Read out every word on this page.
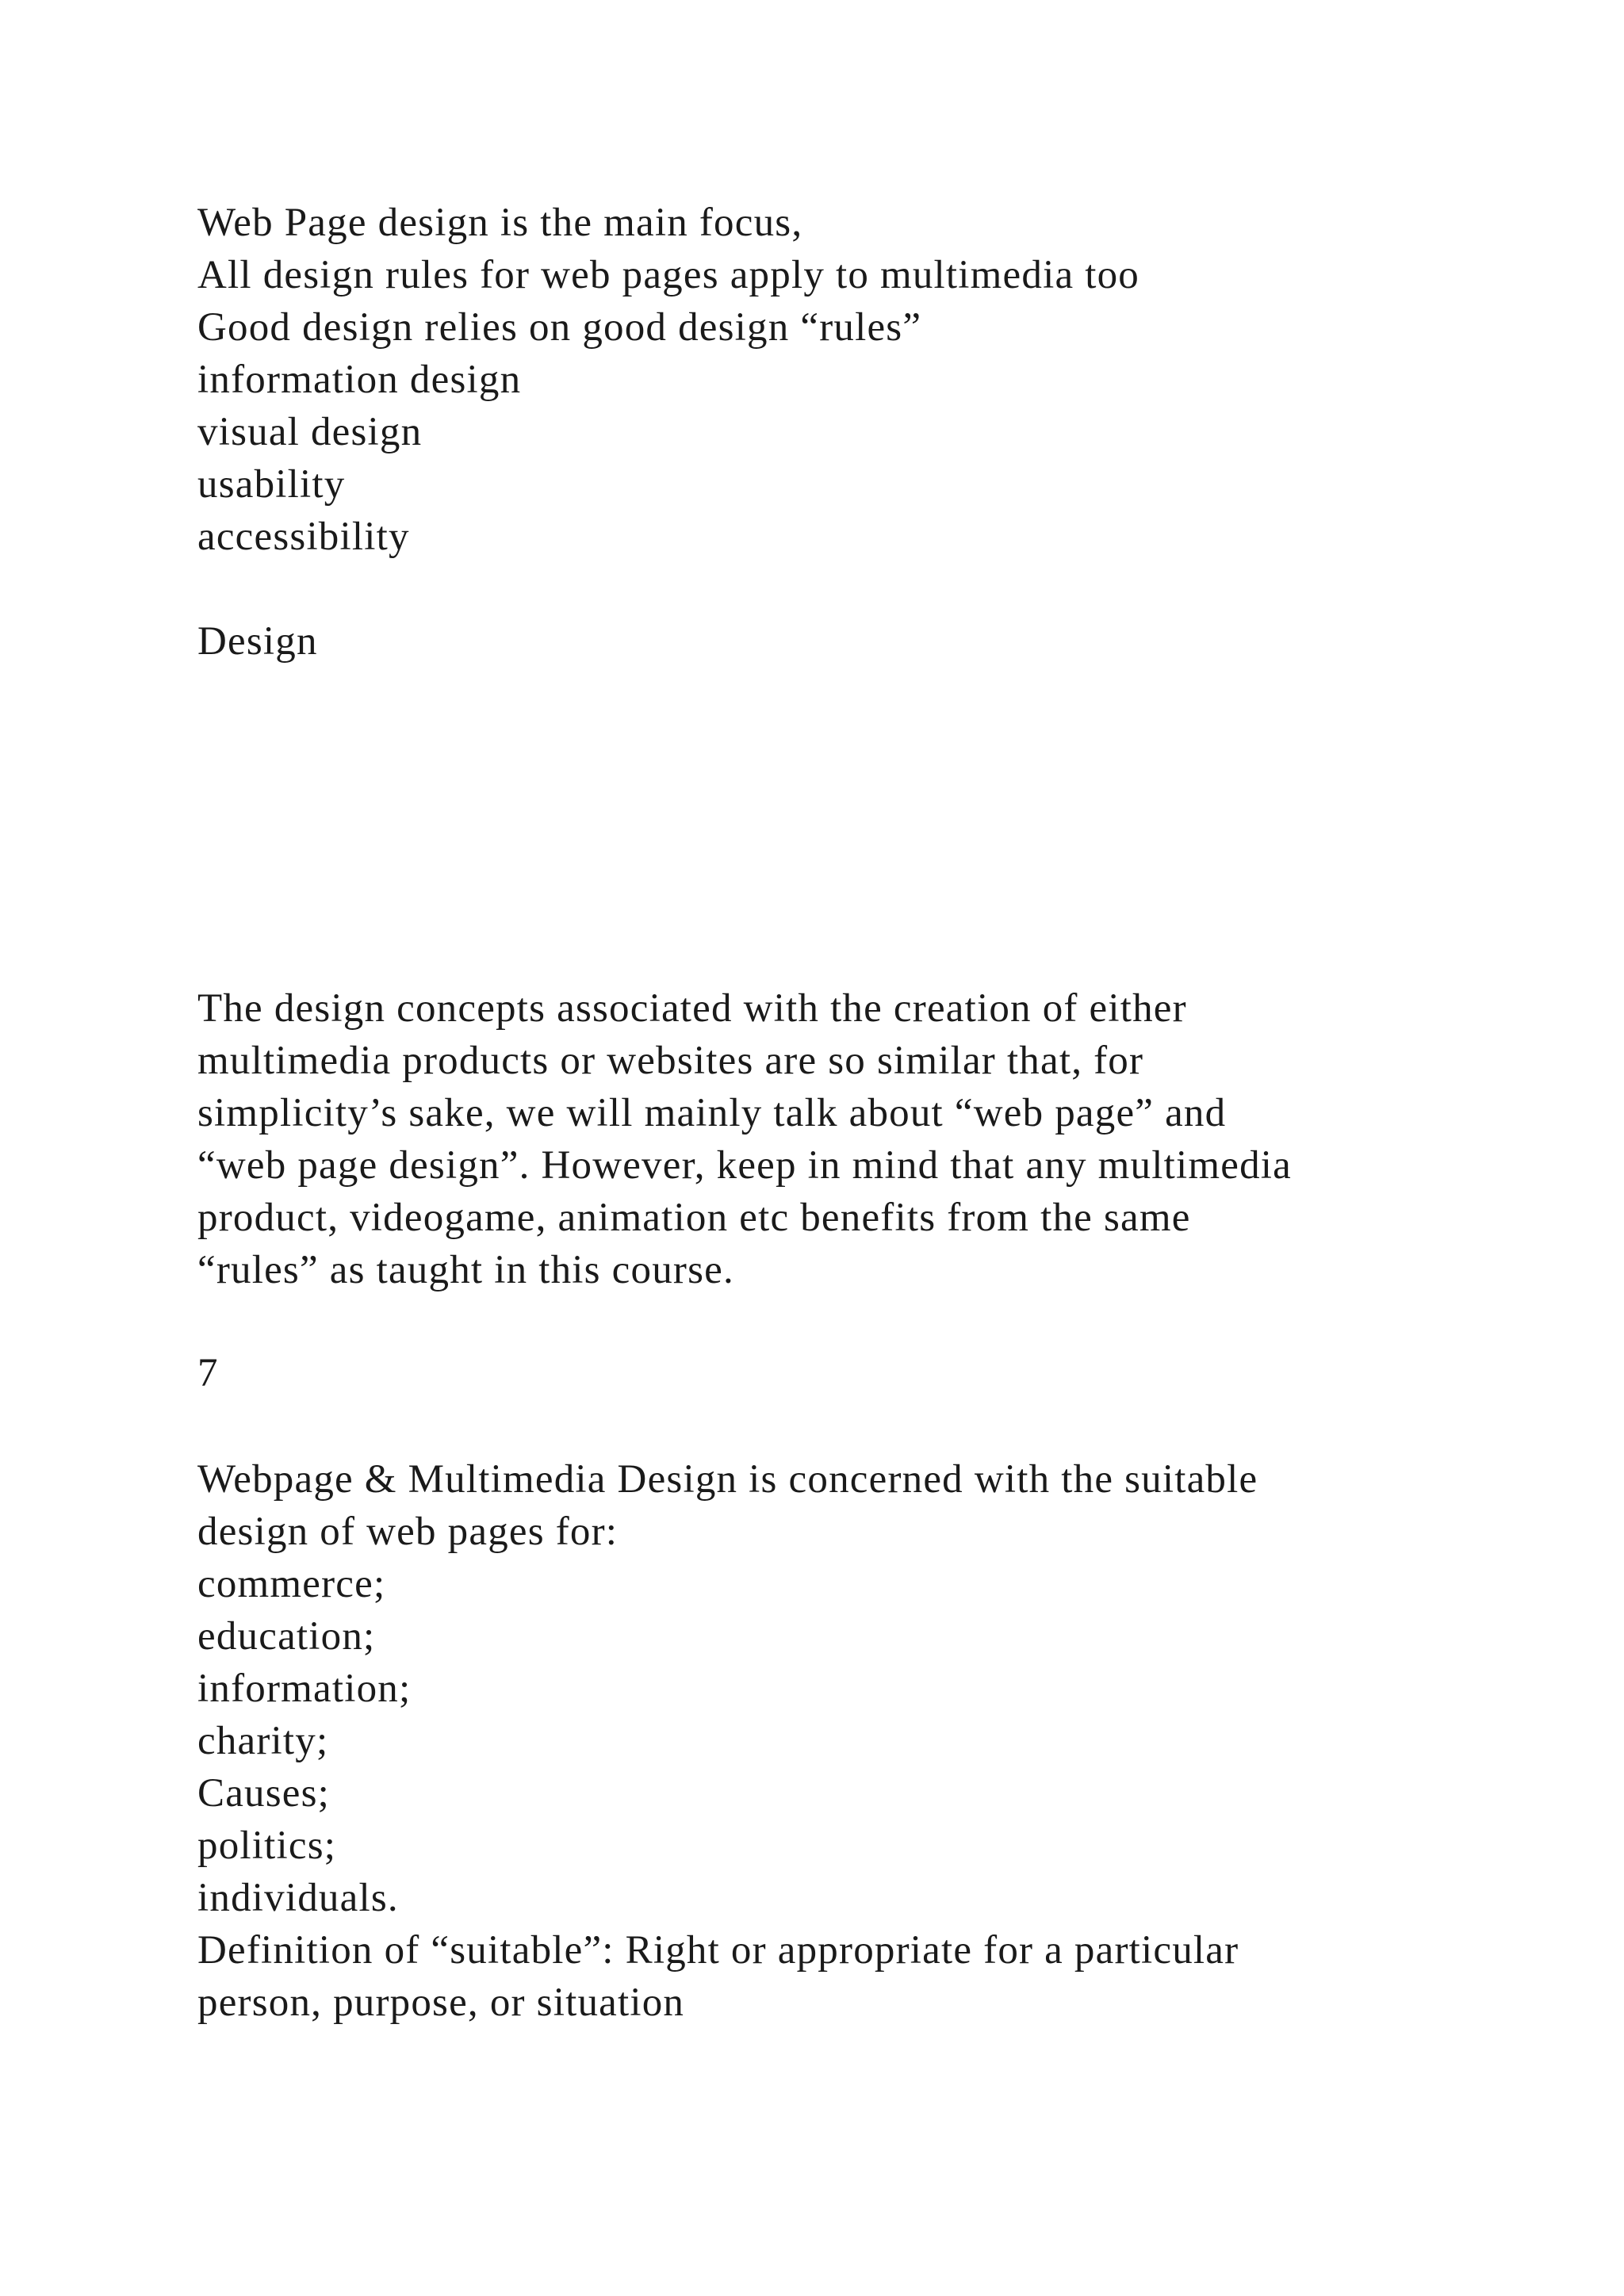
Web Page design is the main focus,
All design rules for web pages apply to multimedia too
Good design relies on good design “rules”
information design
visual design
usability
accessibility
Design
The design concepts associated with the creation of either
multimedia products or websites are so similar that, for
simplicity’s sake, we will mainly talk about “web page” and
“web page design”. However, keep in mind that any multimedia
product, videogame, animation etc benefits from the same
“rules” as taught in this course.
7
Webpage & Multimedia Design is concerned with the suitable
design of web pages for:
commerce;
education;
information;
charity;
Causes;
politics;
individuals.
Definition of “suitable”: Right or appropriate for a particular
person, purpose, or situation
